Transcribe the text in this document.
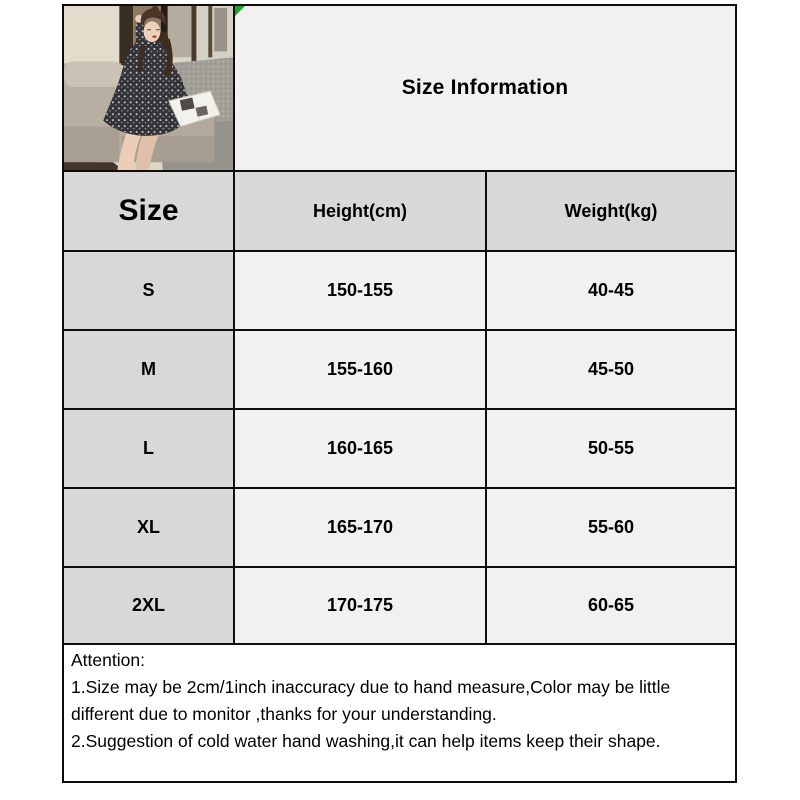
Size Information
Size	Height(cm)	Weight(kg)
S	150-155	40-45
M	155-160	45-50
L	160-165	50-55
XL	165-170	55-60
2XL	170-175	60-65

Attention:

1.Size may be 2cm/1inch inaccuracy due to hand measure,Color may be little different due to monitor ,thanks for your understanding.

2.Suggestion of cold water hand washing,it can help items keep their shape.
